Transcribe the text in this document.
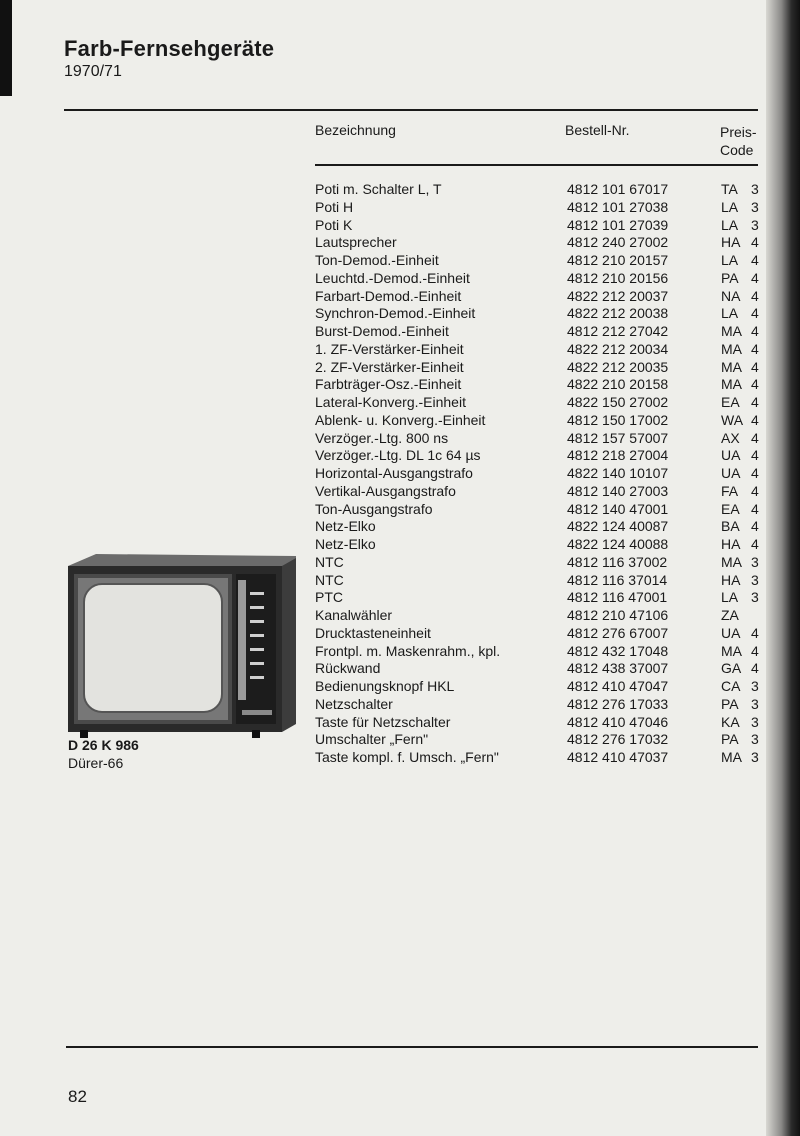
Farb-Fernsehgeräte
1970/71
Bezeichnung	Bestell-Nr.	Preis-
Code
Poti m. Schalter L, T	4812 101 67017	TA 3
Poti H	4812 101 27038	LA 3
Poti K	4812 101 27039	LA 3
Lautsprecher	4812 240 27002	HA 4
Ton-Demod.-Einheit	4812 210 20157	LA 4
Leuchtd.-Demod.-Einheit	4812 210 20156	PA 4
Farbart-Demod.-Einheit	4822 212 20037	NA 4
Synchron-Demod.-Einheit	4822 212 20038	LA 4
Burst-Demod.-Einheit	4812 212 27042	MA 4
1. ZF-Verstärker-Einheit	4822 212 20034	MA 4
2. ZF-Verstärker-Einheit	4822 212 20035	MA 4
Farbträger-Osz.-Einheit	4822 210 20158	MA 4
Lateral-Konverg.-Einheit	4822 150 27002	EA 4
Ablenk- u. Konverg.-Einheit	4812 150 17002	WA 4
Verzöger.-Ltg. 800 ns	4812 157 57007	AX 4
Verzöger.-Ltg. DL 1c 64 µs	4812 218 27004	UA 4
Horizontal-Ausgangstrafo	4822 140 10107	UA 4
Vertikal-Ausgangstrafo	4812 140 27003	FA 4
Ton-Ausgangstrafo	4812 140 47001	EA 4
Netz-Elko	4822 124 40087	BA 4
Netz-Elko	4822 124 40088	HA 4
NTC	4812 116 37002	MA 3
NTC	4812 116 37014	HA 3
PTC	4812 116 47001	LA 3
Kanalwähler	4812 210 47106	ZA
Drucktasteneinheit	4812 276 67007	UA 4
Frontpl. m. Maskenrahm., kpl.	4812 432 17048	MA 4
Rückwand	4812 438 37007	GA 4
Bedienungsknopf HKL	4812 410 47047	CA 3
Netzschalter	4812 276 17033	PA 3
Taste für Netzschalter	4812 410 47046	KA 3
Umschalter „Fern"	4812 276 17032	PA 3
Taste kompl. f. Umsch. „Fern"	4812 410 47037	MA 3
D 26 K 986
Dürer-66
82
